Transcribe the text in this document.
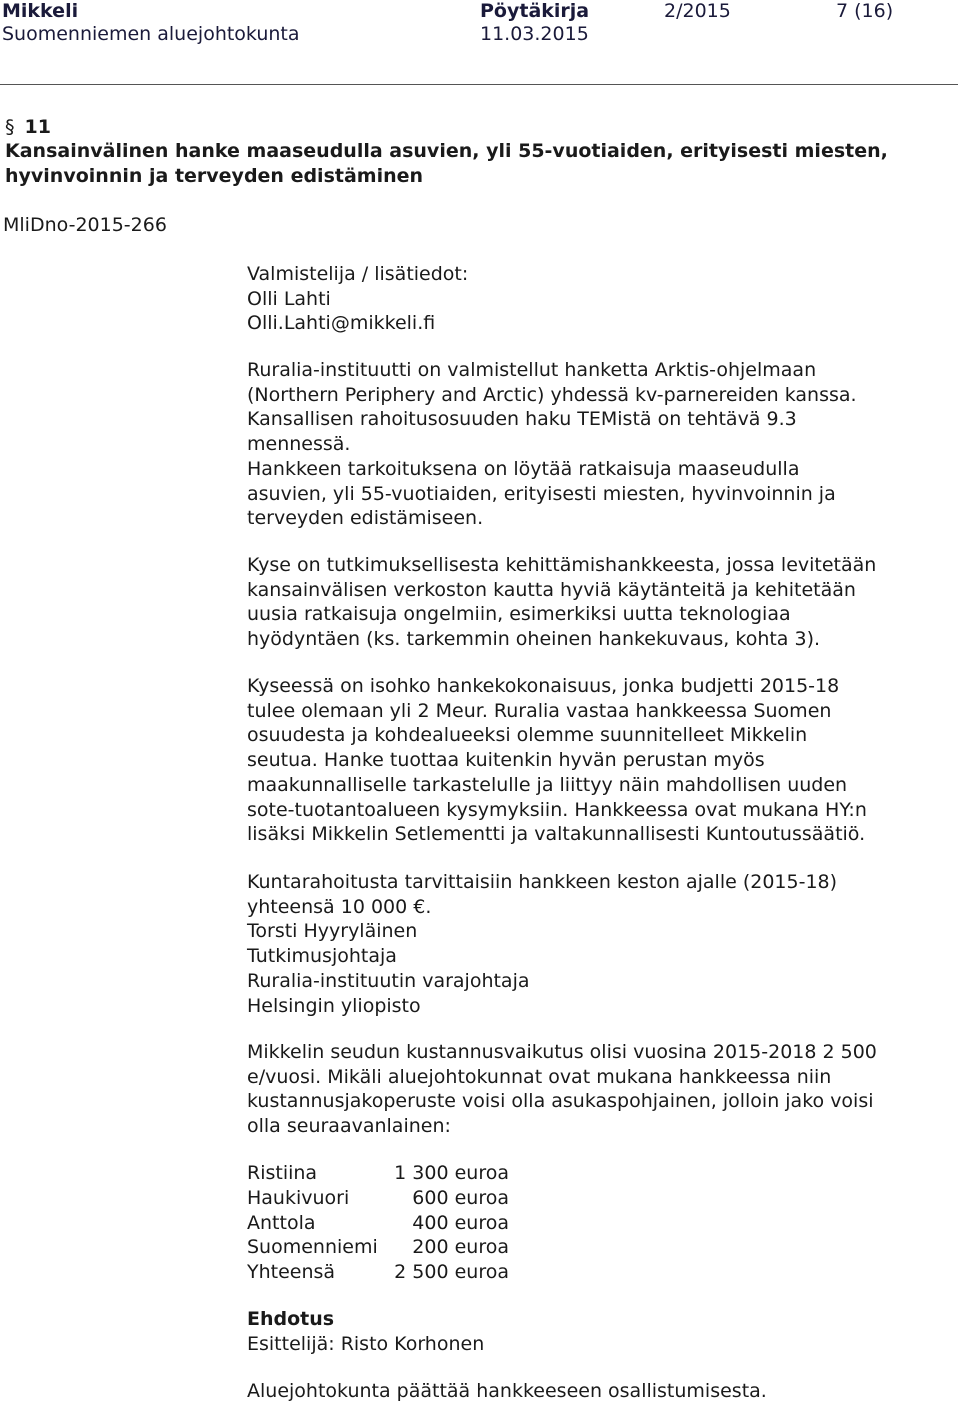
Mikkeli	Pöytäkirja	2/2015	7 (16)
Suomenniemen aluejohtokunta	11.03.2015
§ 11
Kansainvälinen hanke maaseudulla asuvien, yli 55-vuotiaiden, erityisesti miesten,
hyvinvoinnin ja terveyden edistäminen
MliDno-2015-266
Valmistelija / lisätiedot:
Olli Lahti
Olli.Lahti@mikkeli.fi
Ruralia-instituutti on valmistellut hanketta Arktis-ohjelmaan
(Northern Periphery and Arctic) yhdessä kv-parnereiden kanssa.
Kansallisen rahoitusosuuden haku TEMistä on tehtävä 9.3
mennessä.
Hankkeen tarkoituksena on löytää ratkaisuja maaseudulla
asuvien, yli 55-vuotiaiden, erityisesti miesten, hyvinvoinnin ja
terveyden edistämiseen.
Kyse on tutkimuksellisesta kehittämishankkeesta, jossa levitetään
kansainvälisen verkoston kautta hyviä käytänteitä ja kehitetään
uusia ratkaisuja ongelmiin, esimerkiksi uutta teknologiaa
hyödyntäen (ks. tarkemmin oheinen hankekuvaus, kohta 3).
Kyseessä on isohko hankekokonaisuus, jonka budjetti 2015-18
tulee olemaan yli 2 Meur. Ruralia vastaa hankkeessa Suomen
osuudesta ja kohdealueeksi olemme suunnitelleet Mikkelin
seutua. Hanke tuottaa kuitenkin hyvän perustan myös
maakunnalliselle tarkastelulle ja liittyy näin mahdollisen uuden
sote-tuotantoalueen kysymyksiin. Hankkeessa ovat mukana HY:n
lisäksi Mikkelin Setlementti ja valtakunnallisesti Kuntoutussäätiö.
Kuntarahoitusta tarvittaisiin hankkeen keston ajalle (2015-18)
yhteensä 10 000 €.
Torsti Hyyryläinen
Tutkimusjohtaja
Ruralia-instituutin varajohtaja
Helsingin yliopisto
Mikkelin seudun kustannusvaikutus olisi vuosina 2015-2018 2 500
e/vuosi. Mikäli aluejohtokunnat ovat mukana hankkeessa niin
kustannusjakoperuste voisi olla asukaspohjainen, jolloin jako voisi
olla seuraavanlainen:
Ristiina	1 300 euroa
Haukivuori	600 euroa
Anttola	400 euroa
Suomenniemi	200 euroa
Yhteensä	2 500 euroa
Ehdotus
Esittelijä: Risto Korhonen
Aluejohtokunta päättää hankkeeseen osallistumisesta.
